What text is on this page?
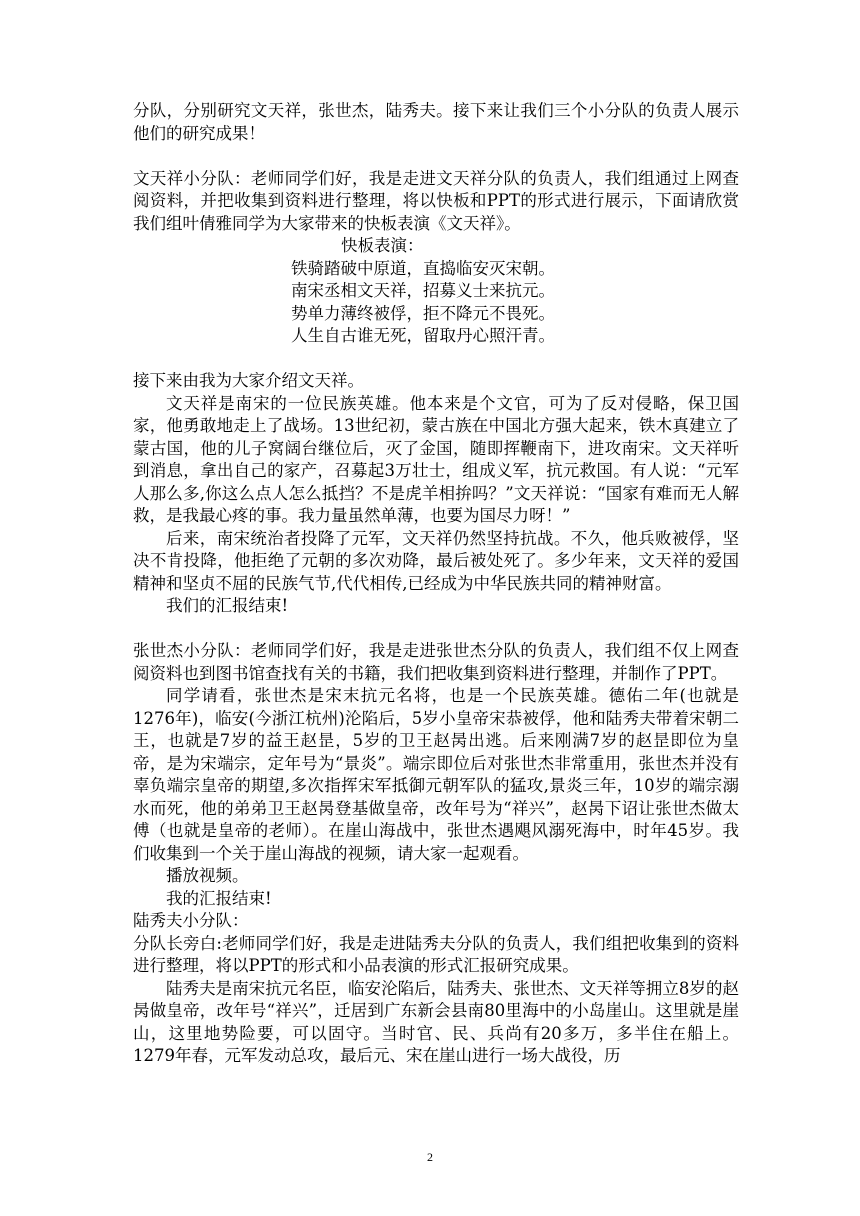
分队，分别研究文天祥，张世杰，陆秀夫。接下来让我们三个小分队的负责人展示他们的研究成果！

文天祥小分队：老师同学们好，我是走进文天祥分队的负责人，我们组通过上网查阅资料，并把收集到资料进行整理，将以快板和PPT的形式进行展示，下面请欣赏我们组叶倩雅同学为大家带来的快板表演《文天祥》。

快板表演：

铁骑踏破中原道，直捣临安灭宋朝。

南宋丞相文天祥，招募义士来抗元。

势单力薄终被俘，拒不降元不畏死。

人生自古谁无死，留取丹心照汗青。

接下来由我为大家介绍文天祥。

文天祥是南宋的一位民族英雄。他本来是个文官，可为了反对侵略，保卫国家，他勇敢地走上了战场。13世纪初，蒙古族在中国北方强大起来，铁木真建立了蒙古国，他的儿子窝阔台继位后，灭了金国，随即挥鞭南下，进攻南宋。文天祥听到消息，拿出自己的家产，召募起3万壮士，组成义军，抗元救国。有人说：“元军人那么多,你这么点人怎么抵挡？不是虎羊相拚吗？”文天祥说：“国家有难而无人解救，是我最心疼的事。我力量虽然单薄，也要为国尽力呀！”

后来，南宋统治者投降了元军，文天祥仍然坚持抗战。不久，他兵败被俘，坚决不肯投降，他拒绝了元朝的多次劝降，最后被处死了。多少年来，文天祥的爱国精神和坚贞不屈的民族气节,代代相传,已经成为中华民族共同的精神财富。

我们的汇报结束!

张世杰小分队：老师同学们好，我是走进张世杰分队的负责人，我们组不仅上网查阅资料也到图书馆查找有关的书籍，我们把收集到资料进行整理，并制作了PPT。

同学请看，张世杰是宋末抗元名将，也是一个民族英雄。德佑二年(也就是1276年)，临安(今浙江杭州)沦陷后，5岁小皇帝宋恭被俘，他和陆秀夫带着宋朝二王，也就是7岁的益王赵昰，5岁的卫王赵昺出逃。后来刚满7岁的赵昰即位为皇帝，是为宋端宗，定年号为“景炎”。端宗即位后对张世杰非常重用，张世杰并没有辜负端宗皇帝的期望,多次指挥宋军抵御元朝军队的猛攻,景炎三年，10岁的端宗溺水而死，他的弟弟卫王赵昺登基做皇帝，改年号为“祥兴”，赵昺下诏让张世杰做太傅（也就是皇帝的老师）。在崖山海战中，张世杰遇飓风溺死海中，时年45岁。我们收集到一个关于崖山海战的视频，请大家一起观看。

播放视频。

我的汇报结束!

陆秀夫小分队：

分队长旁白:老师同学们好，我是走进陆秀夫分队的负责人，我们组把收集到的资料进行整理，将以PPT的形式和小品表演的形式汇报研究成果。

陆秀夫是南宋抗元名臣，临安沦陷后，陆秀夫、张世杰、文天祥等拥立8岁的赵昺做皇帝，改年号“祥兴”，迁居到广东新会县南80里海中的小岛崖山。这里就是崖山，这里地势险要，可以固守。当时官、民、兵尚有20多万，多半住在船上。1279年春，元军发动总攻，最后元、宋在崖山进行一场大战役，历

2
